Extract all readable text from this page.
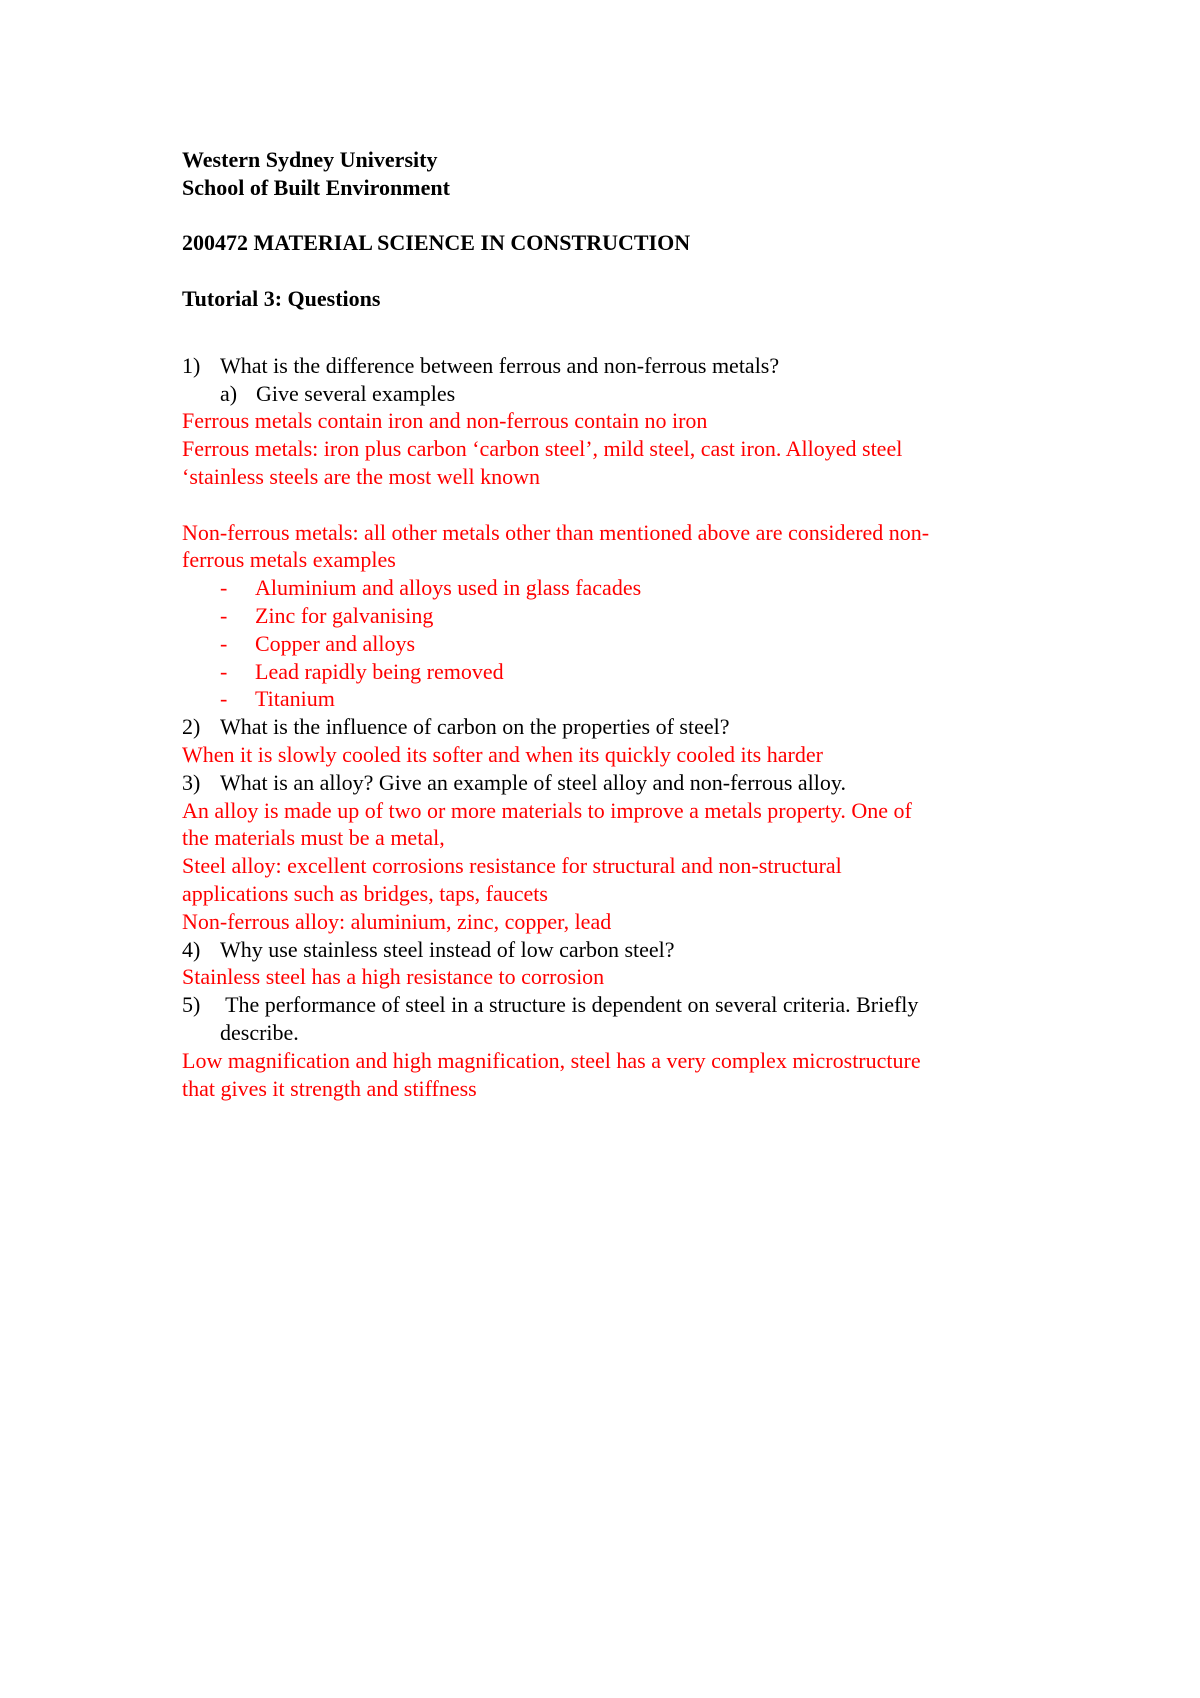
Western Sydney University
School of Built Environment
200472 MATERIAL SCIENCE IN CONSTRUCTION
Tutorial 3: Questions
1) What is the difference between ferrous and non-ferrous metals?
a) Give several examples
Ferrous metals contain iron and non-ferrous contain no iron
Ferrous metals: iron plus carbon ‘carbon steel’, mild steel, cast iron. Alloyed steel
‘stainless steels are the most well known
Non-ferrous metals: all other metals other than mentioned above are considered non-
ferrous metals examples
- Aluminium and alloys used in glass facades
- Zinc for galvanising
- Copper and alloys
- Lead rapidly being removed
- Titanium
2) What is the influence of carbon on the properties of steel?
When it is slowly cooled its softer and when its quickly cooled its harder
3) What is an alloy? Give an example of steel alloy and non-ferrous alloy.
An alloy is made up of two or more materials to improve a metals property. One of
the materials must be a metal,
Steel alloy: excellent corrosions resistance for structural and non-structural
applications such as bridges, taps, faucets
Non-ferrous alloy: aluminium, zinc, copper, lead
4) Why use stainless steel instead of low carbon steel?
Stainless steel has a high resistance to corrosion
5) The performance of steel in a structure is dependent on several criteria. Briefly
describe.
Low magnification and high magnification, steel has a very complex microstructure
that gives it strength and stiffness
